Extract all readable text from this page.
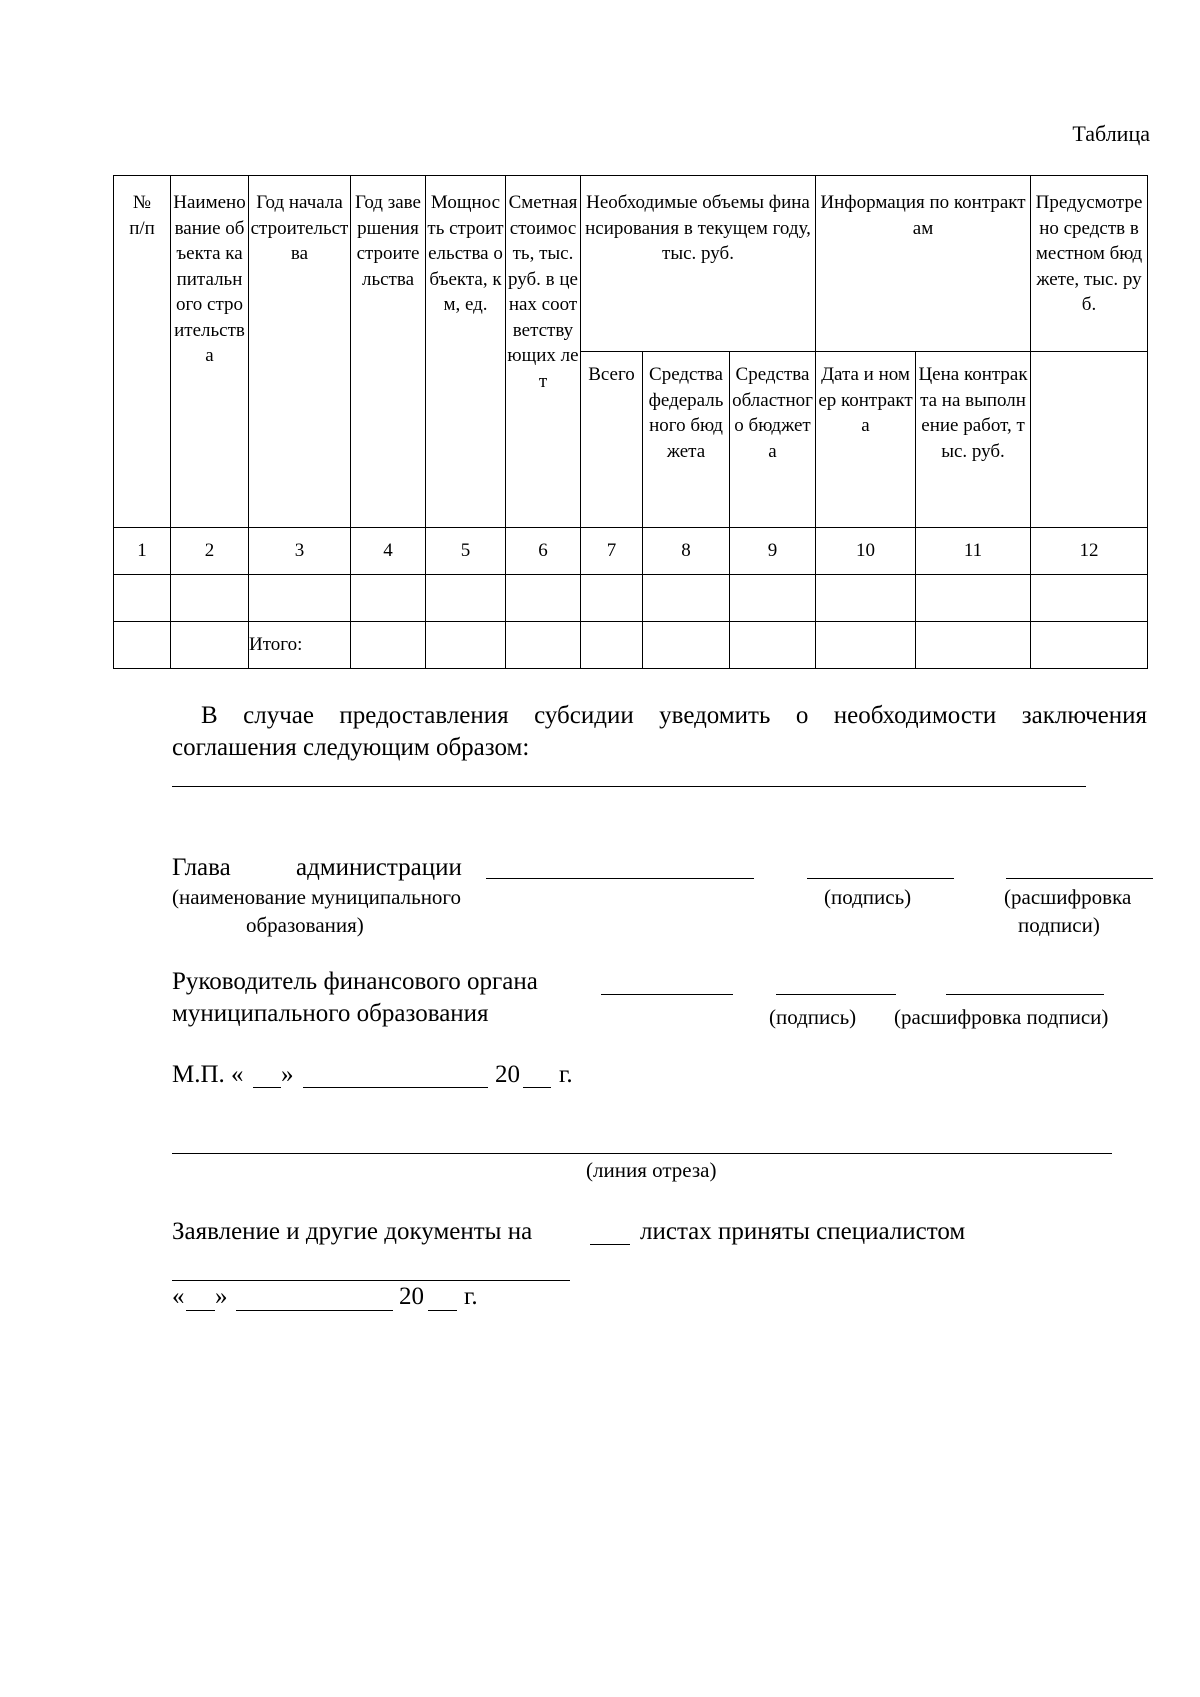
Таблица
№
п/п	Наименование объекта капитального строительства	Год начала строительства	Год завершения строительства	Мощность строительства объекта, км, ед.	Сметная стоимость, тыс. руб. в ценах соответствующих лет	Необходимые объемы финансирования в текущем году, тыс. руб.			Информация по контрактам		Предусмотрено средств в местном бюджете, тыс. руб.
						Всего	Средства федерального бюджета	Средства областного бюджета	Дата и номер контракта	Цена контракта на выполнение работ, тыс. руб.	
1	2	3	4	5	6	7	8	9	10	11	12

		Итого:									
В случае предоставления субсидии уведомить о необходимости заключения
соглашения следующим образом:
Глава	администрации
(наименование муниципального
образования)
(подпись)	(расшифровка
подписи)
Руководитель финансового органа
муниципального образования	(подпись) (расшифровка подписи)
М.П. « »	20 г.
(линия отреза)
Заявление и другие документы на	листах приняты специалистом
« »	20 г.
